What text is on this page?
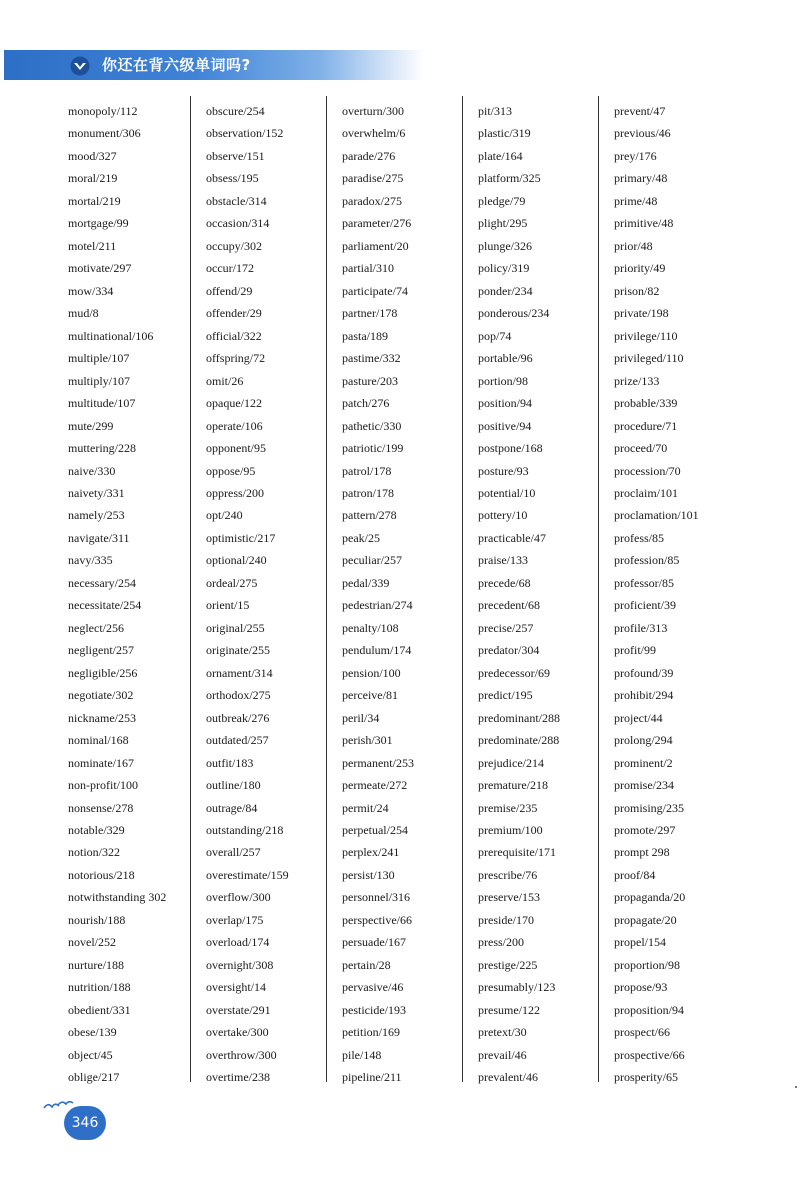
你还在背六级单词吗?
monopoly/112
monument/306
mood/327
moral/219
mortal/219
mortgage/99
motel/211
motivate/297
mow/334
mud/8
multinational/106
multiple/107
multiply/107
multitude/107
mute/299
muttering/228
naive/330
naivety/331
namely/253
navigate/311
navy/335
necessary/254
necessitate/254
neglect/256
negligent/257
negligible/256
negotiate/302
nickname/253
nominal/168
nominate/167
non-profit/100
nonsense/278
notable/329
notion/322
notorious/218
notwithstanding 302
nourish/188
novel/252
nurture/188
nutrition/188
obedient/331
obese/139
object/45
oblige/217
obscure/254
observation/152
observe/151
obsess/195
obstacle/314
occasion/314
occupy/302
occur/172
offend/29
offender/29
official/322
offspring/72
omit/26
opaque/122
operate/106
opponent/95
oppose/95
oppress/200
opt/240
optimistic/217
optional/240
ordeal/275
orient/15
original/255
originate/255
ornament/314
orthodox/275
outbreak/276
outdated/257
outfit/183
outline/180
outrage/84
outstanding/218
overall/257
overestimate/159
overflow/300
overlap/175
overload/174
overnight/308
oversight/14
overstate/291
overtake/300
overthrow/300
overtime/238
overturn/300
overwhelm/6
parade/276
paradise/275
paradox/275
parameter/276
parliament/20
partial/310
participate/74
partner/178
pasta/189
pastime/332
pasture/203
patch/276
pathetic/330
patriotic/199
patrol/178
patron/178
pattern/278
peak/25
peculiar/257
pedal/339
pedestrian/274
penalty/108
pendulum/174
pension/100
perceive/81
peril/34
perish/301
permanent/253
permeate/272
permit/24
perpetual/254
perplex/241
persist/130
personnel/316
perspective/66
persuade/167
pertain/28
pervasive/46
pesticide/193
petition/169
pile/148
pipeline/211
pit/313
plastic/319
plate/164
platform/325
pledge/79
plight/295
plunge/326
policy/319
ponder/234
ponderous/234
pop/74
portable/96
portion/98
position/94
positive/94
postpone/168
posture/93
potential/10
pottery/10
practicable/47
praise/133
precede/68
precedent/68
precise/257
predator/304
predecessor/69
predict/195
predominant/288
predominate/288
prejudice/214
premature/218
premise/235
premium/100
prerequisite/171
prescribe/76
preserve/153
preside/170
press/200
prestige/225
presumably/123
presume/122
pretext/30
prevail/46
prevalent/46
prevent/47
previous/46
prey/176
primary/48
prime/48
primitive/48
prior/48
priority/49
prison/82
private/198
privilege/110
privileged/110
prize/133
probable/339
procedure/71
proceed/70
procession/70
proclaim/101
proclamation/101
profess/85
profession/85
professor/85
proficient/39
profile/313
profit/99
profound/39
prohibit/294
project/44
prolong/294
prominent/2
promise/234
promising/235
promote/297
prompt 298
proof/84
propaganda/20
propagate/20
propel/154
proportion/98
propose/93
proposition/94
prospect/66
prospective/66
prosperity/65
346
